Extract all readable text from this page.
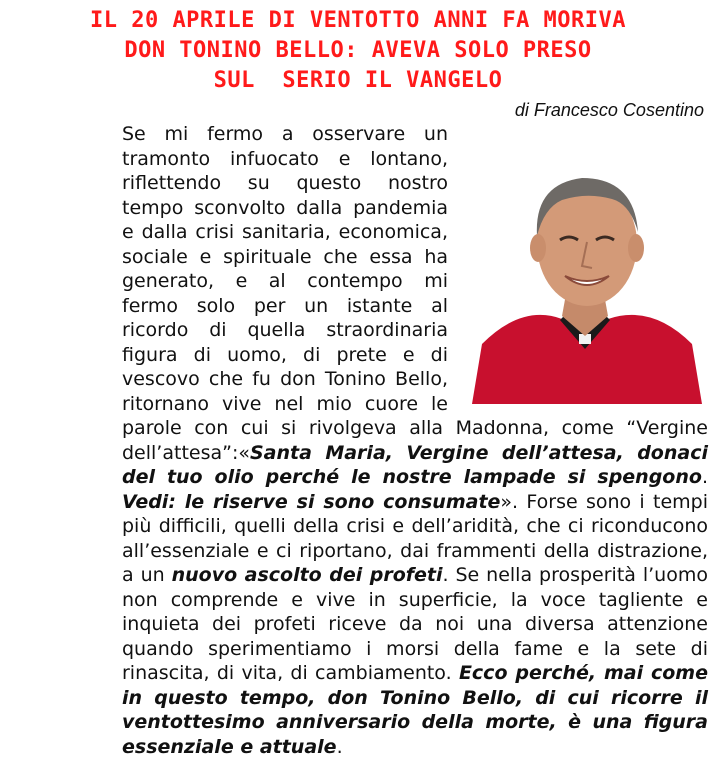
IL 20 APRILE DI VENTOTTO ANNI FA MORIVA
DON TONINO BELLO: AVEVA SOLO PRESO
SUL  SERIO IL VANGELO
di Francesco Cosentino
Se mi fermo a osservare un tramonto infuocato e lontano, riflettendo su questo nostro tempo sconvolto dalla pandemia e dalla crisi sanitaria, economica, sociale e spirituale che essa ha generato, e al contempo mi fermo solo per un istante al ricordo di quella straordinaria figura di uomo, di prete e di vescovo che fu don Tonino Bello, ritornano vive nel mio cuore le parole con cui si rivolgeva alla Madonna, come “Vergine dell’attesa”:«Santa Maria, Vergine dell’attesa, donaci del tuo olio perché le nostre lampade si spengono. Vedi: le riserve si sono consumate». Forse sono i tempi più difficili, quelli della crisi e dell’aridità, che ci riconducono all’essenziale e ci riportano, dai frammenti della distrazione, a un nuovo ascolto dei profeti. Se nella prosperità l’uomo non comprende e vive in superficie, la voce tagliente e inquieta dei profeti riceve da noi una diversa attenzione quando sperimentiamo i morsi della fame e la sete di rinascita, di vita, di cambiamento. Ecco perché, mai come in questo tempo, don Tonino Bello, di cui ricorre il ventottesimo anniversario della morte, è una figura essenziale e attuale.
